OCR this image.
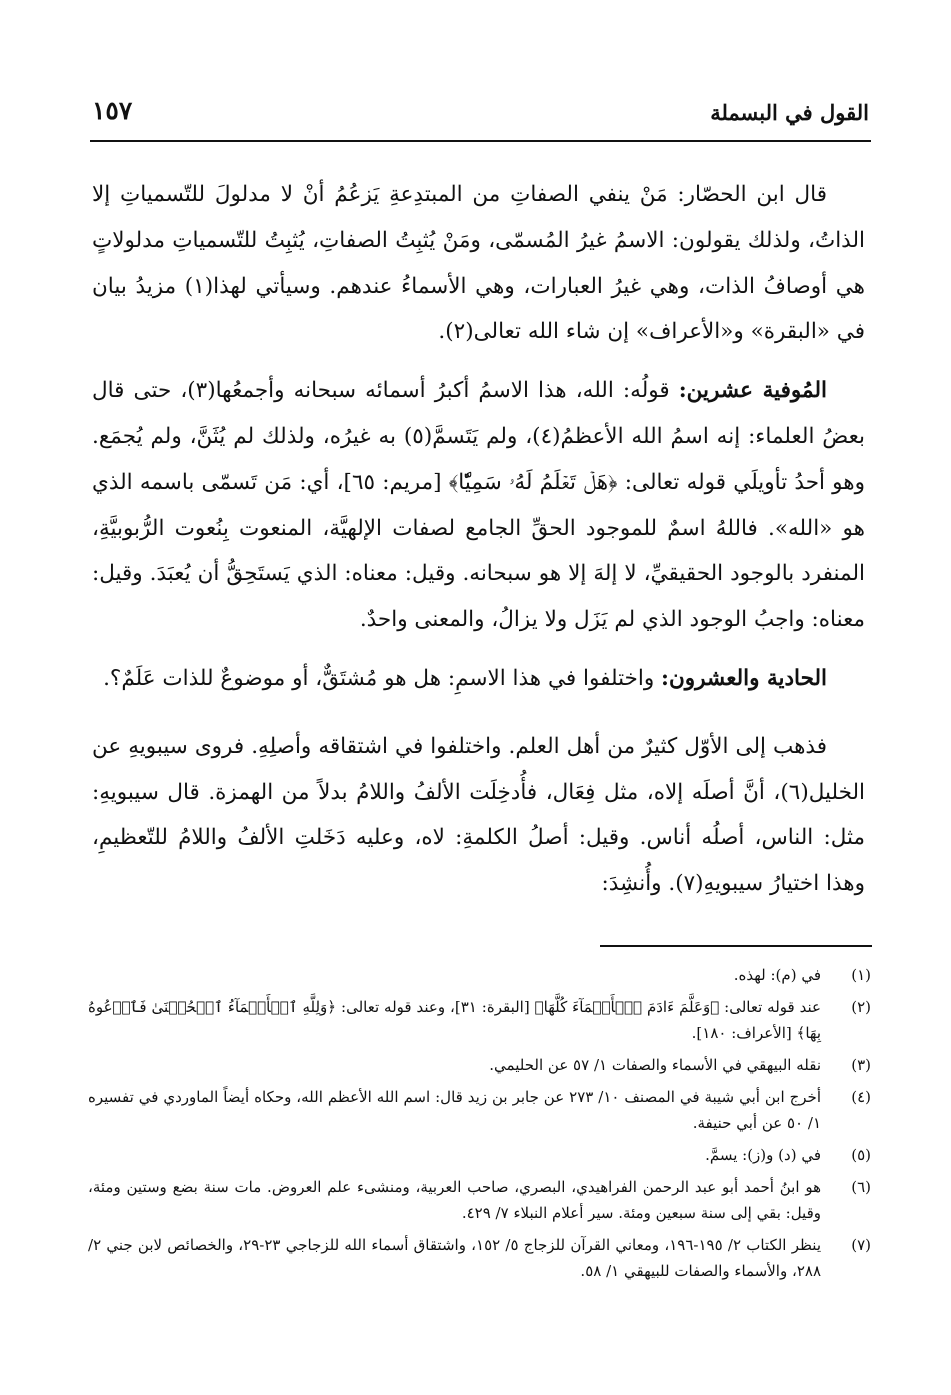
القول في البسملة
١٥٧

قال ابن الحصّار: مَنْ ينفي الصفاتِ من المبتدِعةِ يَزعُمُ أنْ لا مدلولَ للتّسمياتِ إلا الذاتُ، ولذلك يقولون: الاسمُ غيرُ المُسمّى، ومَنْ يُثبِتُ الصفاتِ، يُثبِتُ للتّسمياتِ مدلولاتٍ هي أوصافُ الذات، وهي غيرُ العبارات، وهي الأسماءُ عندهم. وسيأتي لهذا(١) مزيدُ بيان في «البقرة» و«الأعراف» إن شاء الله تعالى(٢).

المُوفية عشرين: قولُه: الله، هذا الاسمُ أكبرُ أسمائه سبحانه وأجمعُها(٣)، حتى قال بعضُ العلماء: إنه اسمُ الله الأعظمُ(٤)، ولم يَتَسمَّ(٥) به غيرُه، ولذلك لم يُثَنَّ، ولم يُجمَع. وهو أحدُ تأويلَي قوله تعالى: ﴿هَلۡ تَعۡلَمُ لَهُۥ سَمِيّٗا﴾ [مريم: ٦٥]، أي: مَن تَسمّى باسمه الذي هو «الله». فاللهُ اسمٌ للموجود الحقِّ الجامع لصفات الإلهيَّة، المنعوت بِنُعوت الرُّبوبيَّةِ، المنفرد بالوجود الحقيقيِّ، لا إلهَ إلا هو سبحانه. وقيل: معناه: الذي يَستَحِقُّ أن يُعبَدَ. وقيل: معناه: واجبُ الوجود الذي لم يَزَل ولا يزالُ، والمعنى واحدٌ.

الحادية والعشرون: واختلفوا في هذا الاسمِ: هل هو مُشتَقٌّ، أو موضوعٌ للذات عَلَمٌ؟.

فذهب إلى الأوّل كثيرٌ من أهل العلم. واختلفوا في اشتقاقه وأصلِهِ. فروى سيبويهِ عن الخليل(٦)، أنَّ أصلَه إلاه، مثل فِعَال، فأُدخِلَت الألفُ واللامُ بدلاً من الهمزة. قال سيبويهِ: مثل: الناس، أصلُه أناس. وقيل: أصلُ الكلمةِ: لاه، وعليه دَخَلتِ الألفُ واللامُ للتّعظيمِ، وهذا اختيارُ سيبويهِ(٧). وأُنشِدَ:

(١)
في (م): لهذه.
(٢)
عند قوله تعالى: ﴿وَعَلَّمَ ءَادَمَ ٱلۡأَسۡمَآءَ كُلَّهَا﴾ [البقرة: ٣١]، وعند قوله تعالى: ﴿وَلِلَّهِ ٱلۡأَسۡمَآءُ ٱلۡحُسۡنَىٰ فَٱدۡعُوهُ بِهَا﴾ [الأعراف: ١٨٠].
(٣)
نقله البيهقي في الأسماء والصفات ١/ ٥٧ عن الحليمي.
(٤)
أخرج ابن أبي شيبة في المصنف ١٠/ ٢٧٣ عن جابر بن زيد قال: اسم الله الأعظم الله، وحكاه أيضاً الماوردي في تفسيره ١/ ٥٠ عن أبي حنيفة.
(٥)
في (د) و(ز): يسمَّ.
(٦)
هو ابنُ أحمد أبو عبد الرحمن الفراهيدي، البصري، صاحب العربية، ومنشىء علم العروض. مات سنة بضع وستين ومئة، وقيل: بقي إلى سنة سبعين ومئة. سير أعلام النبلاء ٧/ ٤٢٩.
(٧)
ينظر الكتاب ٢/ ١٩٥-١٩٦، ومعاني القرآن للزجاج ٥/ ١٥٢، واشتقاق أسماء الله للزجاجي ٢٣-٢٩، والخصائص لابن جني ٢/ ٢٨٨، والأسماء والصفات للبيهقي ١/ ٥٨.
